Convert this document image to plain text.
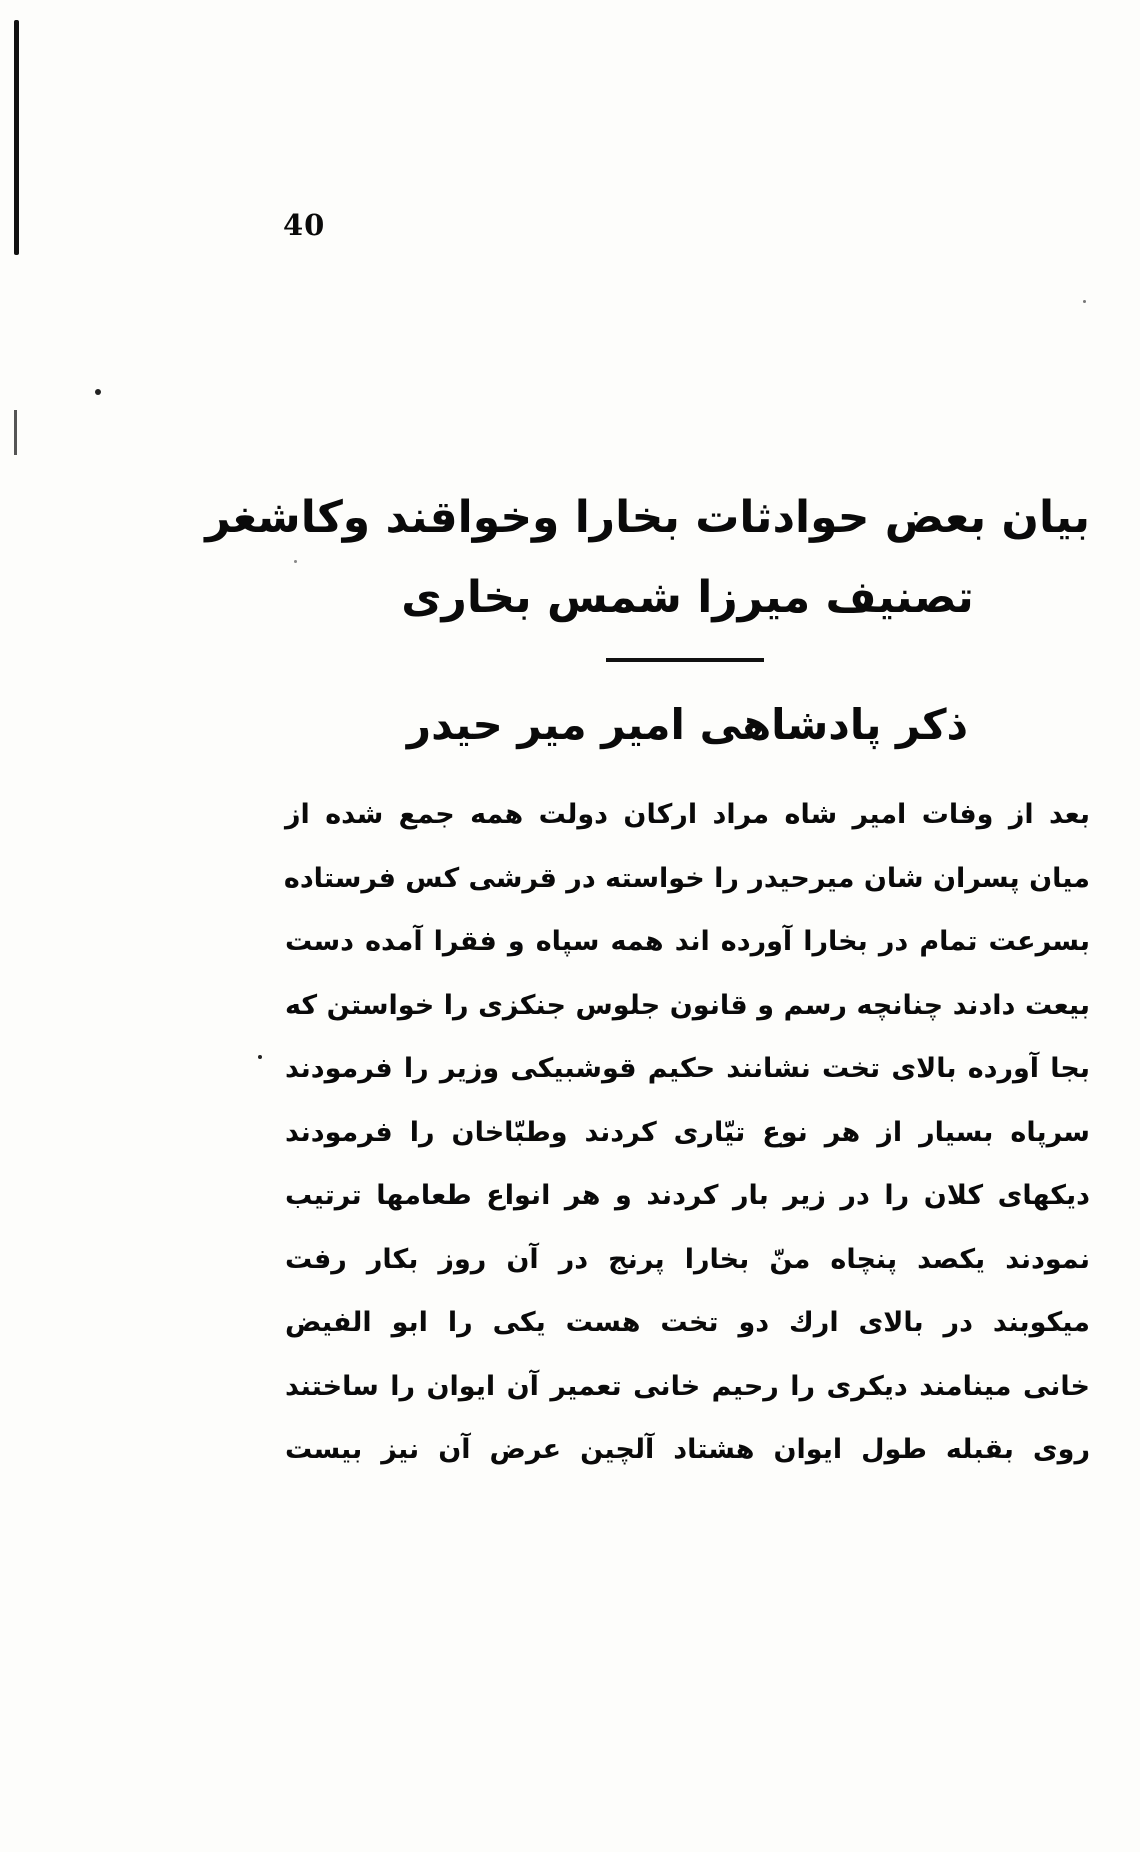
40
بیان بعض حوادثات بخارا وخواقند وکاشغر
تصنیف میرزا شمس بخاری
ذکر پادشاهی امیر میر حیدر
بعد از وفات امیر شاه مراد ارکان دولت همه جمع شده از
میان پسران شان میرحیدر را خواسته در قرشی کس فرستاده
بسرعت تمام در بخارا آورده اند همه سپاه و فقرا آمده دست
بیعت دادند چنانچه رسم و قانون جلوس جنکزی را خواستن که
بجا آورده بالای تخت نشانند حکیم قوشبیکی وزیر را فرمودند
سرپاه بسیار از هر نوع تیّاری کردند وطبّاخان را فرمودند
دیکهای کلان را در زیر بار کردند و هر انواع طعامها ترتیب
نمودند یکصد پنچاه منّ بخارا پرنج در آن روز بکار رفت
میکوبند در بالای ارك دو تخت هست یکی را ابو الفیض
خانی مینامند دیکری را رحیم خانی تعمیر آن ایوان را ساختند
روی بقبله طول ایوان هشتاد آلچین عرض آن نیز بیست
